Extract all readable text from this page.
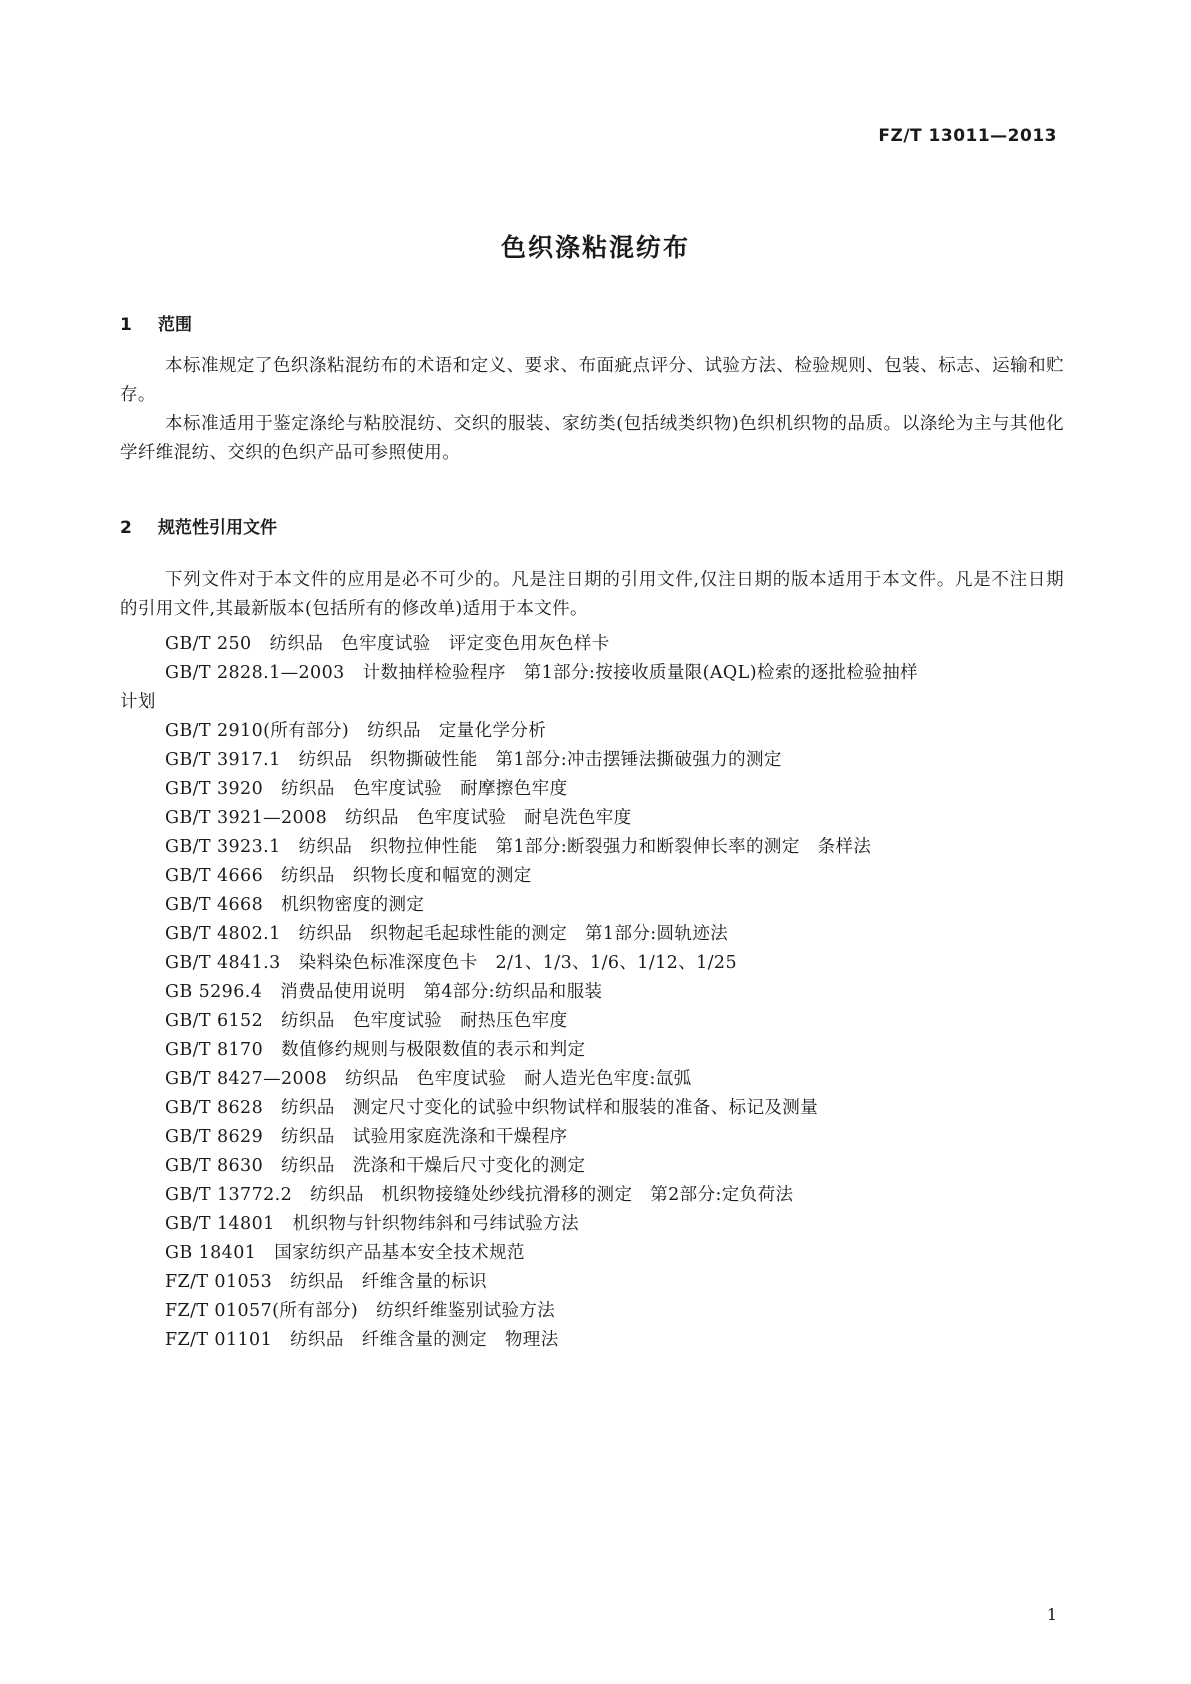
FZ/T 13011—2013
色织涤粘混纺布
1 范围

本标准规定了色织涤粘混纺布的术语和定义、要求、布面疵点评分、试验方法、检验规则、包装、标志、运输和贮存。

本标准适用于鉴定涤纶与粘胶混纺、交织的服装、家纺类(包括绒类织物)色织机织物的品质。以涤纶为主与其他化学纤维混纺、交织的色织产品可参照使用。

2 规范性引用文件

下列文件对于本文件的应用是必不可少的。凡是注日期的引用文件,仅注日期的版本适用于本文件。凡是不注日期的引用文件,其最新版本(包括所有的修改单)适用于本文件。

GB/T 250 纺织品　色牢度试验　评定变色用灰色样卡
GB/T 2828.1—2003 计数抽样检验程序　第1部分:按接收质量限(AQL)检索的逐批检验抽样
计划
GB/T 2910(所有部分) 纺织品　定量化学分析
GB/T 3917.1 纺织品　织物撕破性能　第1部分:冲击摆锤法撕破强力的测定
GB/T 3920 纺织品　色牢度试验　耐摩擦色牢度
GB/T 3921—2008 纺织品　色牢度试验　耐皂洗色牢度
GB/T 3923.1 纺织品　织物拉伸性能　第1部分:断裂强力和断裂伸长率的测定　条样法
GB/T 4666 纺织品　织物长度和幅宽的测定
GB/T 4668 机织物密度的测定
GB/T 4802.1 纺织品　织物起毛起球性能的测定　第1部分:圆轨迹法
GB/T 4841.3 染料染色标准深度色卡　2/1、1/3、1/6、1/12、1/25
GB 5296.4 消费品使用说明　第4部分:纺织品和服装
GB/T 6152 纺织品　色牢度试验　耐热压色牢度
GB/T 8170 数值修约规则与极限数值的表示和判定
GB/T 8427—2008 纺织品　色牢度试验　耐人造光色牢度:氙弧
GB/T 8628 纺织品　测定尺寸变化的试验中织物试样和服装的准备、标记及测量
GB/T 8629 纺织品　试验用家庭洗涤和干燥程序
GB/T 8630 纺织品　洗涤和干燥后尺寸变化的测定
GB/T 13772.2 纺织品　机织物接缝处纱线抗滑移的测定　第2部分:定负荷法
GB/T 14801 机织物与针织物纬斜和弓纬试验方法
GB 18401 国家纺织产品基本安全技术规范
FZ/T 01053 纺织品　纤维含量的标识
FZ/T 01057(所有部分) 纺织纤维鉴别试验方法
FZ/T 01101 纺织品　纤维含量的测定　物理法
1
